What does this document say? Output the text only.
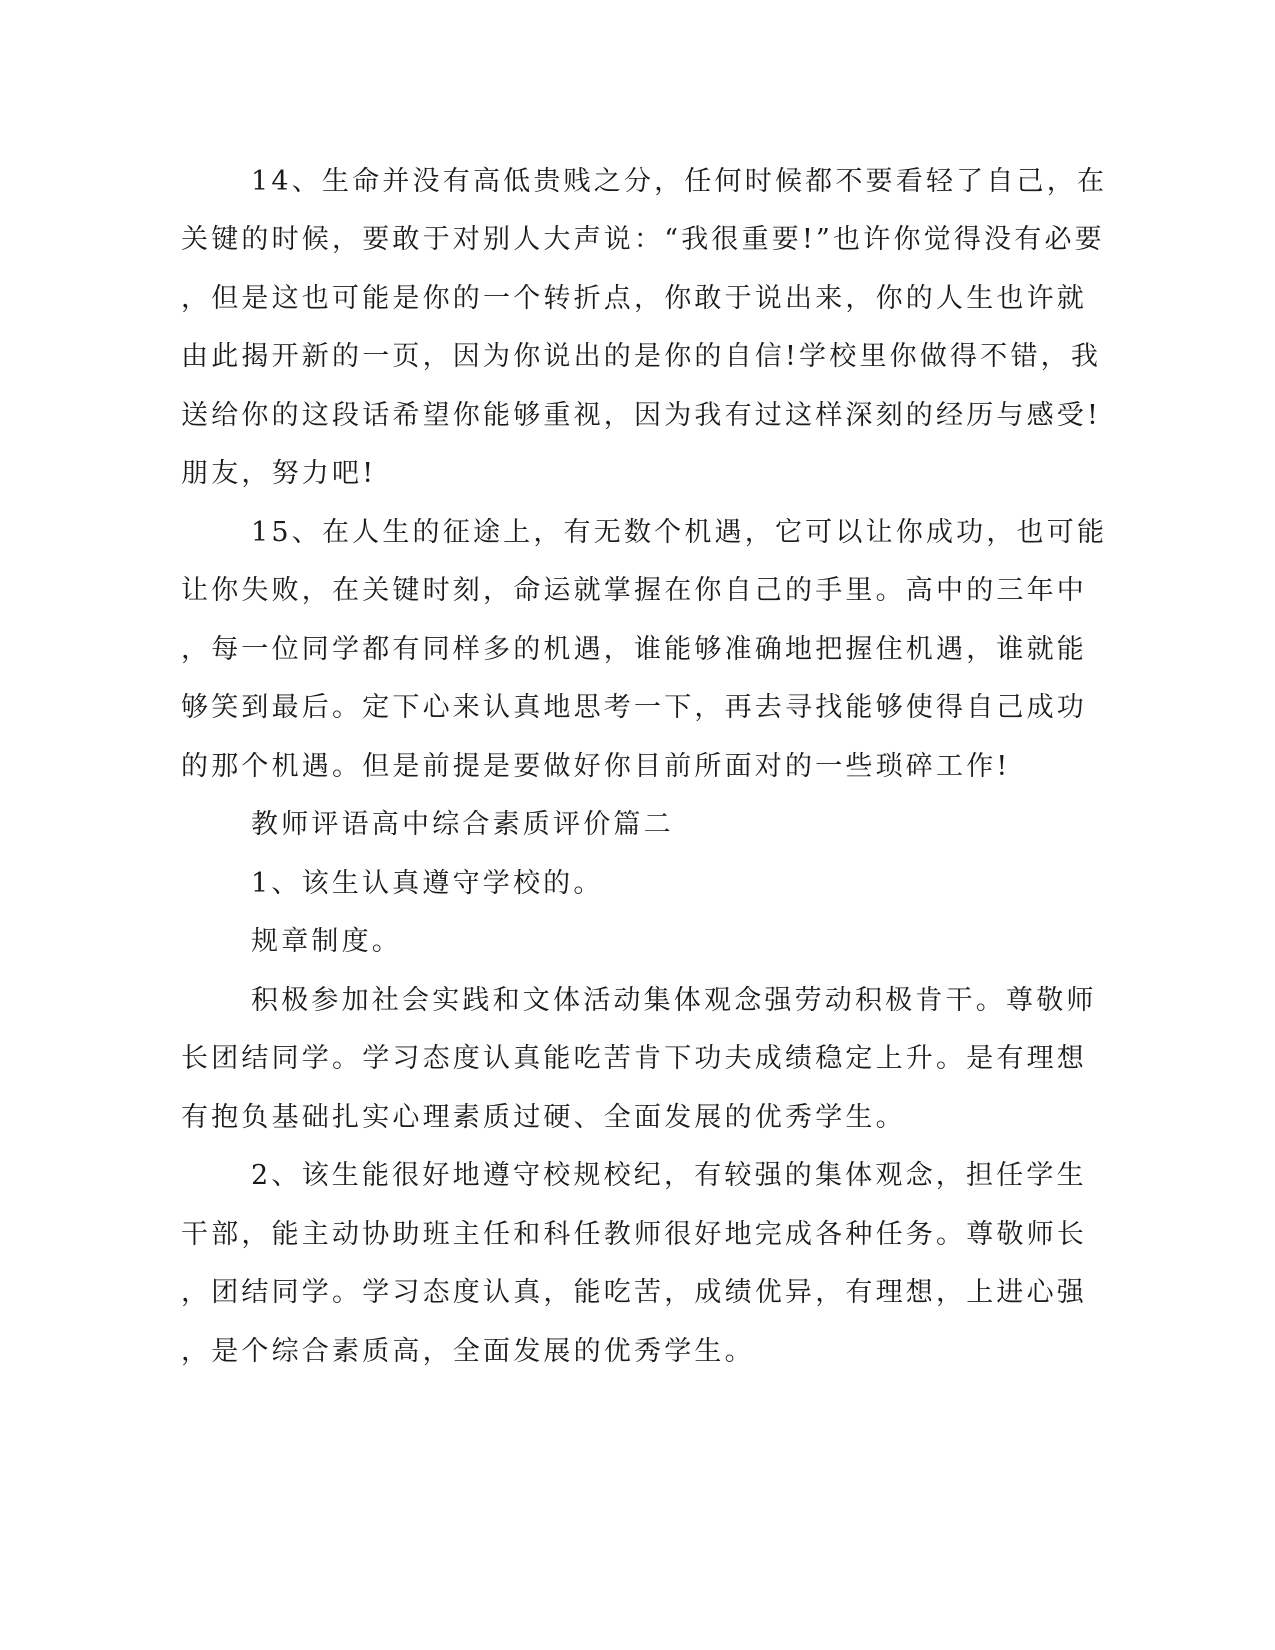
14、生命并没有高低贵贱之分，任何时候都不要看轻了自己，在
关键的时候，要敢于对别人大声说：“我很重要!”也许你觉得没有必要
，但是这也可能是你的一个转折点，你敢于说出来，你的人生也许就
由此揭开新的一页，因为你说出的是你的自信!学校里你做得不错，我
送给你的这段话希望你能够重视，因为我有过这样深刻的经历与感受!
朋友，努力吧!
15、在人生的征途上，有无数个机遇，它可以让你成功，也可能
让你失败，在关键时刻，命运就掌握在你自己的手里。高中的三年中
，每一位同学都有同样多的机遇，谁能够准确地把握住机遇，谁就能
够笑到最后。定下心来认真地思考一下，再去寻找能够使得自己成功
的那个机遇。但是前提是要做好你目前所面对的一些琐碎工作!
教师评语高中综合素质评价篇二
1、该生认真遵守学校的。
规章制度。
积极参加社会实践和文体活动集体观念强劳动积极肯干。尊敬师
长团结同学。学习态度认真能吃苦肯下功夫成绩稳定上升。是有理想
有抱负基础扎实心理素质过硬、全面发展的优秀学生。
2、该生能很好地遵守校规校纪，有较强的集体观念，担任学生
干部，能主动协助班主任和科任教师很好地完成各种任务。尊敬师长
，团结同学。学习态度认真，能吃苦，成绩优异，有理想，上进心强
，是个综合素质高，全面发展的优秀学生。
